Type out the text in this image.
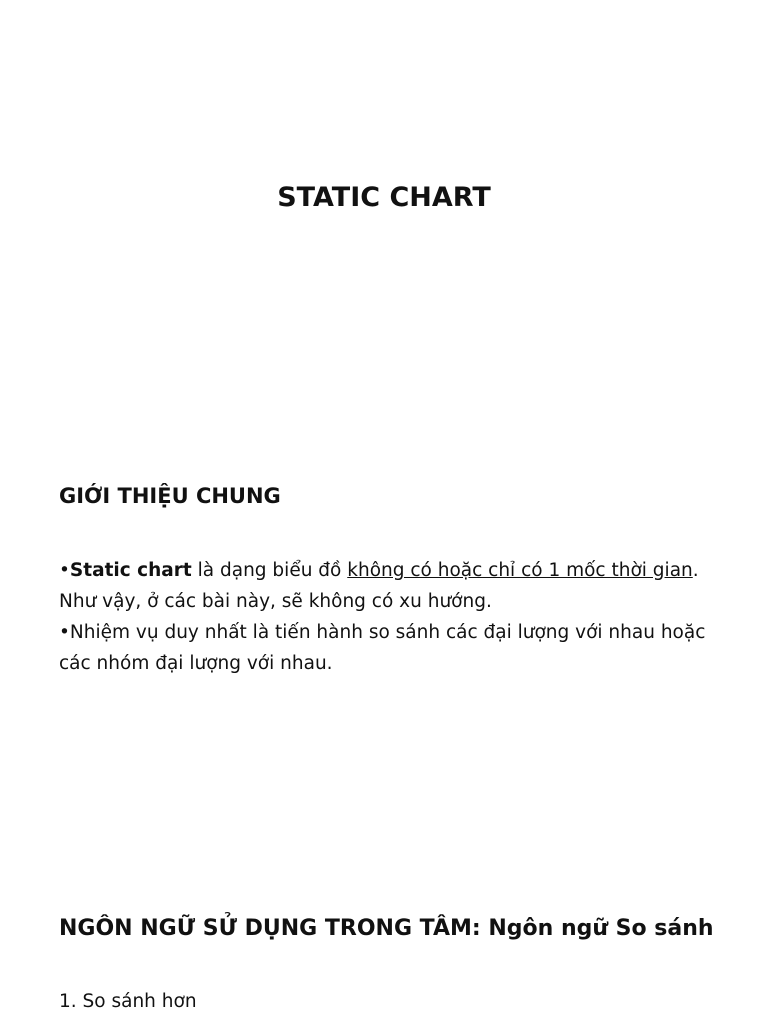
STATIC CHART
GIỚI THIỆU CHUNG

•Static chart là dạng biểu đồ không có hoặc chỉ có 1 mốc thời gian. Như vậy, ở các bài này, sẽ không có xu hướng.

•Nhiệm vụ duy nhất là tiến hành so sánh các đại lượng với nhau hoặc các nhóm đại lượng với nhau.

NGÔN NGỮ SỬ DỤNG TRONG TÂM: Ngôn ngữ So sánh

1. So sánh hơn
